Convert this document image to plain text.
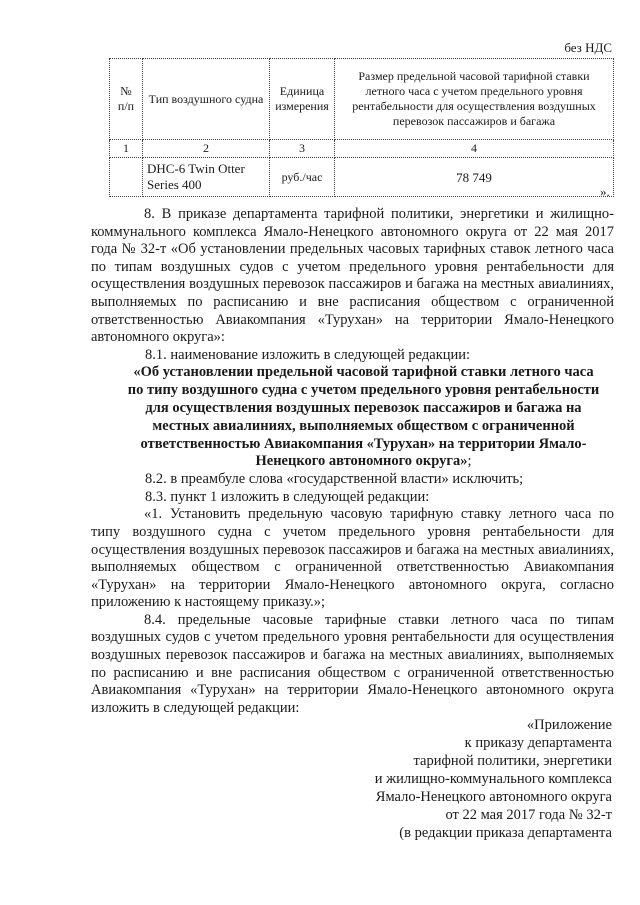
без НДС
№ п/п	Тип воздушного судна	Единица измерения	Размер предельной часовой тарифной ставки летного часа с учетом предельного уровня рентабельности для осуществления воздушных перевозок пассажиров и багажа
1	2	3	4
	DHC-6 Twin Otter Series 400	руб./час	78 749
».

8. В приказе департамента тарифной политики, энергетики и жилищно-коммунального комплекса Ямало-Ненецкого автономного округа от 22 мая 2017 года № 32-т «Об установлении предельных часовых тарифных ставок летного часа по типам воздушных судов с учетом предельного уровня рентабельности для осуществления воздушных перевозок пассажиров и багажа на местных авиалиниях, выполняемых по расписанию и вне расписания обществом с ограниченной ответственностью Авиакомпания «Турухан» на территории Ямало-Ненецкого автономного округа»:

8.1. наименование изложить в следующей редакции:

«Об установлении предельной часовой тарифной ставки летного часа по типу воздушного судна с учетом предельного уровня рентабельности для осуществления воздушных перевозок пассажиров и багажа на местных авиалиниях, выполняемых обществом с ограниченной ответственностью Авиакомпания «Турухан» на территории Ямало-Ненецкого автономного округа»;

8.2. в преамбуле слова «государственной власти» исключить;

8.3. пункт 1 изложить в следующей редакции:

«1. Установить предельную часовую тарифную ставку летного часа по типу воздушного судна с учетом предельного уровня рентабельности для осуществления воздушных перевозок пассажиров и багажа на местных авиалиниях, выполняемых обществом с ограниченной ответственностью Авиакомпания «Турухан» на территории Ямало-Ненецкого автономного округа, согласно приложению к настоящему приказу.»;

8.4. предельные часовые тарифные ставки летного часа по типам воздушных судов с учетом предельного уровня рентабельности для осуществления воздушных перевозок пассажиров и багажа на местных авиалиниях, выполняемых по расписанию и вне расписания обществом с ограниченной ответственностью Авиакомпания «Турухан» на территории Ямало-Ненецкого автономного округа изложить в следующей редакции:

«Приложение
к приказу департамента
тарифной политики, энергетики
и жилищно-коммунального комплекса
Ямало-Ненецкого автономного округа
от 22 мая 2017 года № 32-т
(в редакции приказа департамента
